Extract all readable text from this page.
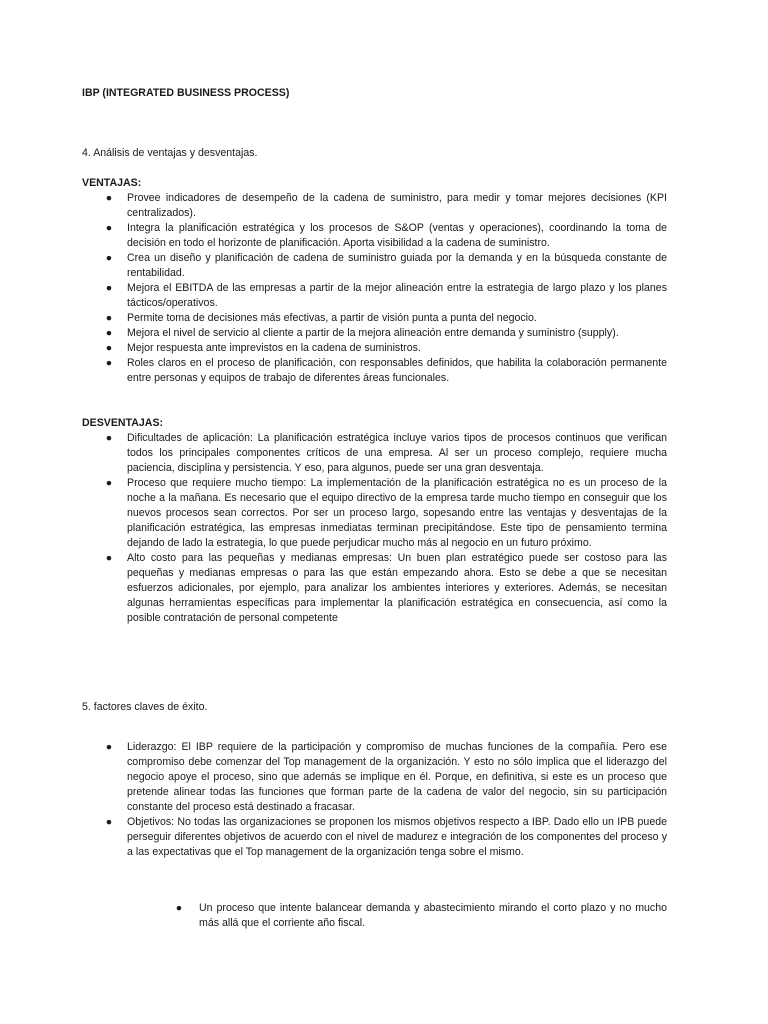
IBP (INTEGRATED BUSINESS PROCESS)
4. Análisis de ventajas y desventajas.
VENTAJAS:
● Provee indicadores de desempeño de la cadena de suministro, para medir y tomar mejores decisiones (KPI centralizados).
● Integra la planificación estratégica y los procesos de S&OP (ventas y operaciones), coordinando la toma de decisión en todo el horizonte de planificación. Aporta visibilidad a la cadena de suministro.
● Crea un diseño y planificación de cadena de suministro guiada por la demanda y en la búsqueda constante de rentabilidad.
● Mejora el EBITDA de las empresas a partir de la mejor alineación entre la estrategia de largo plazo y los planes tácticos/operativos.
● Permite toma de decisiones más efectivas, a partir de visión punta a punta del negocio.
● Mejora el nivel de servicio al cliente a partir de la mejora alineación entre demanda y suministro (supply).
● Mejor respuesta ante imprevistos en la cadena de suministros.
● Roles claros en el proceso de planificación, con responsables definidos, que habilita la colaboración permanente entre personas y equipos de trabajo de diferentes áreas funcionales.
DESVENTAJAS:
● Dificultades de aplicación: La planificación estratégica incluye varios tipos de procesos continuos que verifican todos los principales componentes críticos de una empresa. Al ser un proceso complejo, requiere mucha paciencia, disciplina y persistencia. Y eso, para algunos, puede ser una gran desventaja.
● Proceso que requiere mucho tiempo: La implementación de la planificación estratégica no es un proceso de la noche a la mañana. Es necesario que el equipo directivo de la empresa tarde mucho tiempo en conseguir que los nuevos procesos sean correctos. Por ser un proceso largo, sopesando entre las ventajas y desventajas de la planificación estratégica, las empresas inmediatas terminan precipitándose. Este tipo de pensamiento termina dejando de lado la estrategia, lo que puede perjudicar mucho más al negocio en un futuro próximo.
● Alto costo para las pequeñas y medianas empresas: Un buen plan estratégico puede ser costoso para las pequeñas y medianas empresas o para las que están empezando ahora. Esto se debe a que se necesitan esfuerzos adicionales, por ejemplo, para analizar los ambientes interiores y exteriores. Además, se necesitan algunas herramientas específicas para implementar la planificación estratégica en consecuencia, así como la posible contratación de personal competente
5. factores claves de éxito.
● Liderazgo: El IBP requiere de la participación y compromiso de muchas funciones de la compañía. Pero ese compromiso debe comenzar del Top management de la organización. Y esto no sólo implica que el liderazgo del negocio apoye el proceso, sino que además se implique en él. Porque, en definitiva, si este es un proceso que pretende alinear todas las funciones que forman parte de la cadena de valor del negocio, sin su participación constante del proceso está destinado a fracasar.
● Objetivos: No todas las organizaciones se proponen los mismos objetivos respecto a IBP. Dado ello un IPB puede perseguir diferentes objetivos de acuerdo con el nivel de madurez e integración de los componentes del proceso y a las expectativas que el Top management de la organización tenga sobre el mismo.
● Un proceso que intente balancear demanda y abastecimiento mirando el corto plazo y no mucho más allá que el corriente año fiscal.
